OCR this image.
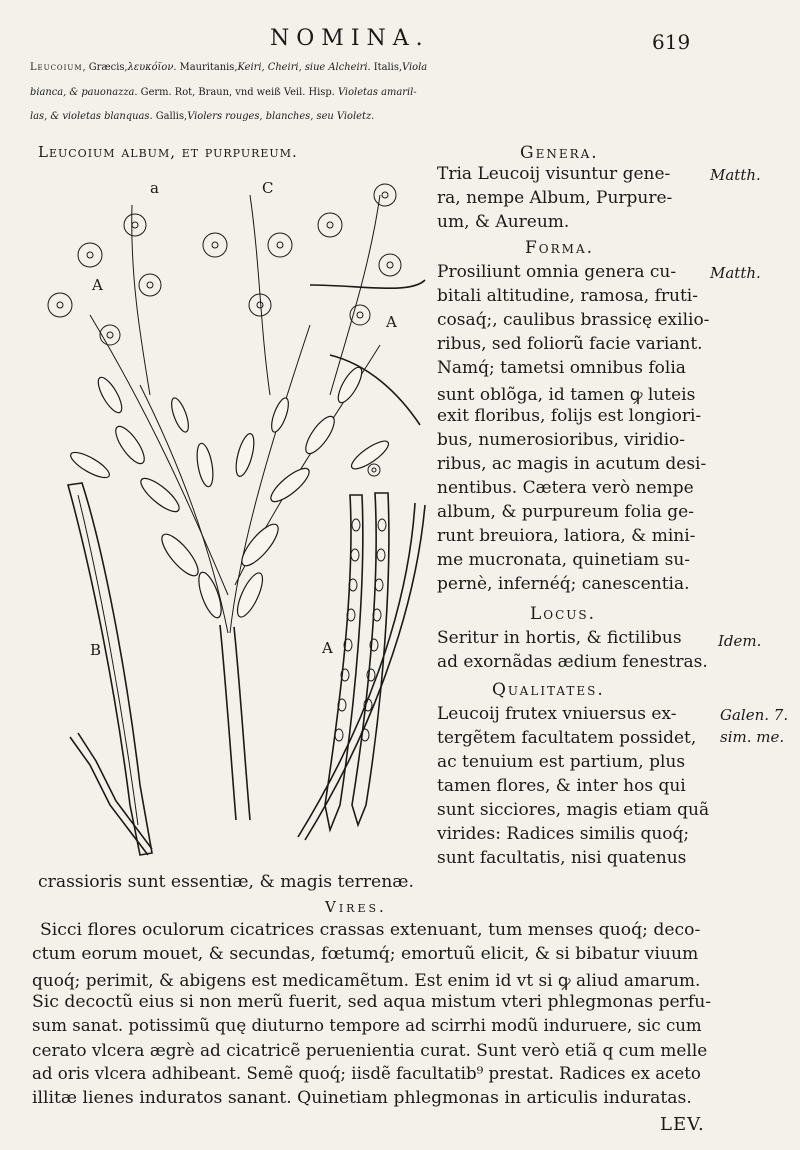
NOMINA.	619
Leucoium, Græcis,λευκόϊον. Mauritanis,Keiri, Cheiri, siue Alcheiri. Italis,Viola
bianca, & pauonazza. Germ. Rot, Braun, vnd weiß Veil. Hisp. Violetas amaril-
las, & violetas blanquas. Gallis,Violers rouges, blanches, seu Violetz.
Leucoium album, et purpureum.
a	C
A
A
A
B
Genera.
Tria Leucoij visuntur gene-
ra, nempe Album, Purpure-
um, & Aureum.
Matth.
Forma.
Matth.
Prosiliunt omnia genera cu-
bitali altitudine, ramosa, fruti-
cosaq́;, caulibus brassicę exilio-
ribus, sed foliorũ facie variant.
Namq́; tametsi omnibus folia
sunt oblõga, id tamen ꝙ luteis
exit floribus, folijs est longiori-
bus, numerosioribus, viridio-
ribus, ac magis in acutum desi-
nentibus. Cætera verò nempe
album, & purpureum folia ge-
runt breuiora, latiora, & mini-
me mucronata, quinetiam su-
pernè, infernéq́; canescentia.
Locus.
Seritur in hortis, & fictilibus
ad exornãdas ædium fenestras.
Idem.
Qualitates.
Galen. 7.
sim. me.
Leucoij frutex vniuersus ex-
tergẽtem facultatem possidet,
ac tenuium est partium, plus
tamen flores, & inter hos qui
sunt sicciores, magis etiam quã
virides: Radices similis quoq́;
sunt facultatis, nisi quatenus
crassioris sunt essentiæ, & magis terrenæ.
Vires.
Sicci flores oculorum cicatrices crassas extenuant, tum menses quoq́; deco-
ctum eorum mouet, & secundas, fœtumq́; emortuũ elicit, & si bibatur viuum
quoq́; perimit, & abigens est medicamẽtum. Est enim id vt si ꝙ aliud amarum.
Sic decoctũ eius si non merũ fuerit, sed aqua mistum vteri phlegmonas perfu-
sum sanat. potissimũ quę diuturno tempore ad scirrhi modũ induruere, sic cum
cerato vlcera ægrè ad cicatricẽ peruenientia curat. Sunt verò etiã q cum melle
ad oris vlcera adhibeant. Semẽ quoq́; iisdẽ facultatib⁹ prestat. Radices ex aceto
illitæ lienes induratos sanant. Quinetiam phlegmonas in articulis induratas.
LEV.
